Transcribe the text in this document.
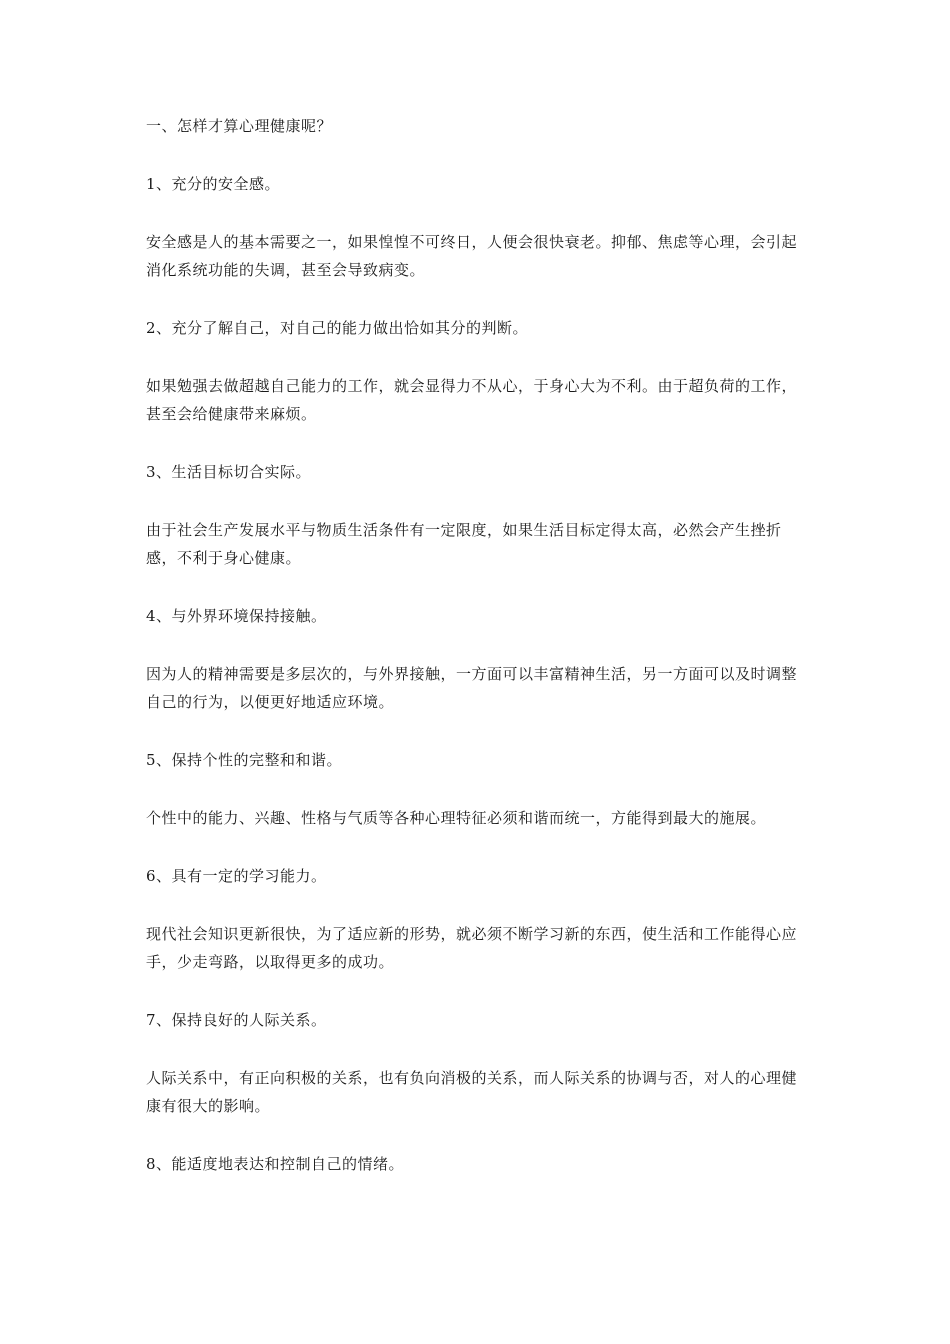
一、怎样才算心理健康呢？

1、充分的安全感。

安全感是人的基本需要之一，如果惶惶不可终日，人便会很快衰老。抑郁、焦虑等心理，会引起消化系统功能的失调，甚至会导致病变。

2、充分了解自己，对自己的能力做出恰如其分的判断。

如果勉强去做超越自己能力的工作，就会显得力不从心，于身心大为不利。由于超负荷的工作，甚至会给健康带来麻烦。

3、生活目标切合实际。

由于社会生产发展水平与物质生活条件有一定限度，如果生活目标定得太高，必然会产生挫折感，不利于身心健康。

4、与外界环境保持接触。

因为人的精神需要是多层次的，与外界接触，一方面可以丰富精神生活，另一方面可以及时调整自己的行为，以便更好地适应环境。

5、保持个性的完整和和谐。

个性中的能力、兴趣、性格与气质等各种心理特征必须和谐而统一，方能得到最大的施展。

6、具有一定的学习能力。

现代社会知识更新很快，为了适应新的形势，就必须不断学习新的东西，使生活和工作能得心应手，少走弯路，以取得更多的成功。

7、保持良好的人际关系。

人际关系中，有正向积极的关系，也有负向消极的关系，而人际关系的协调与否，对人的心理健康有很大的影响。

8、能适度地表达和控制自己的情绪。
